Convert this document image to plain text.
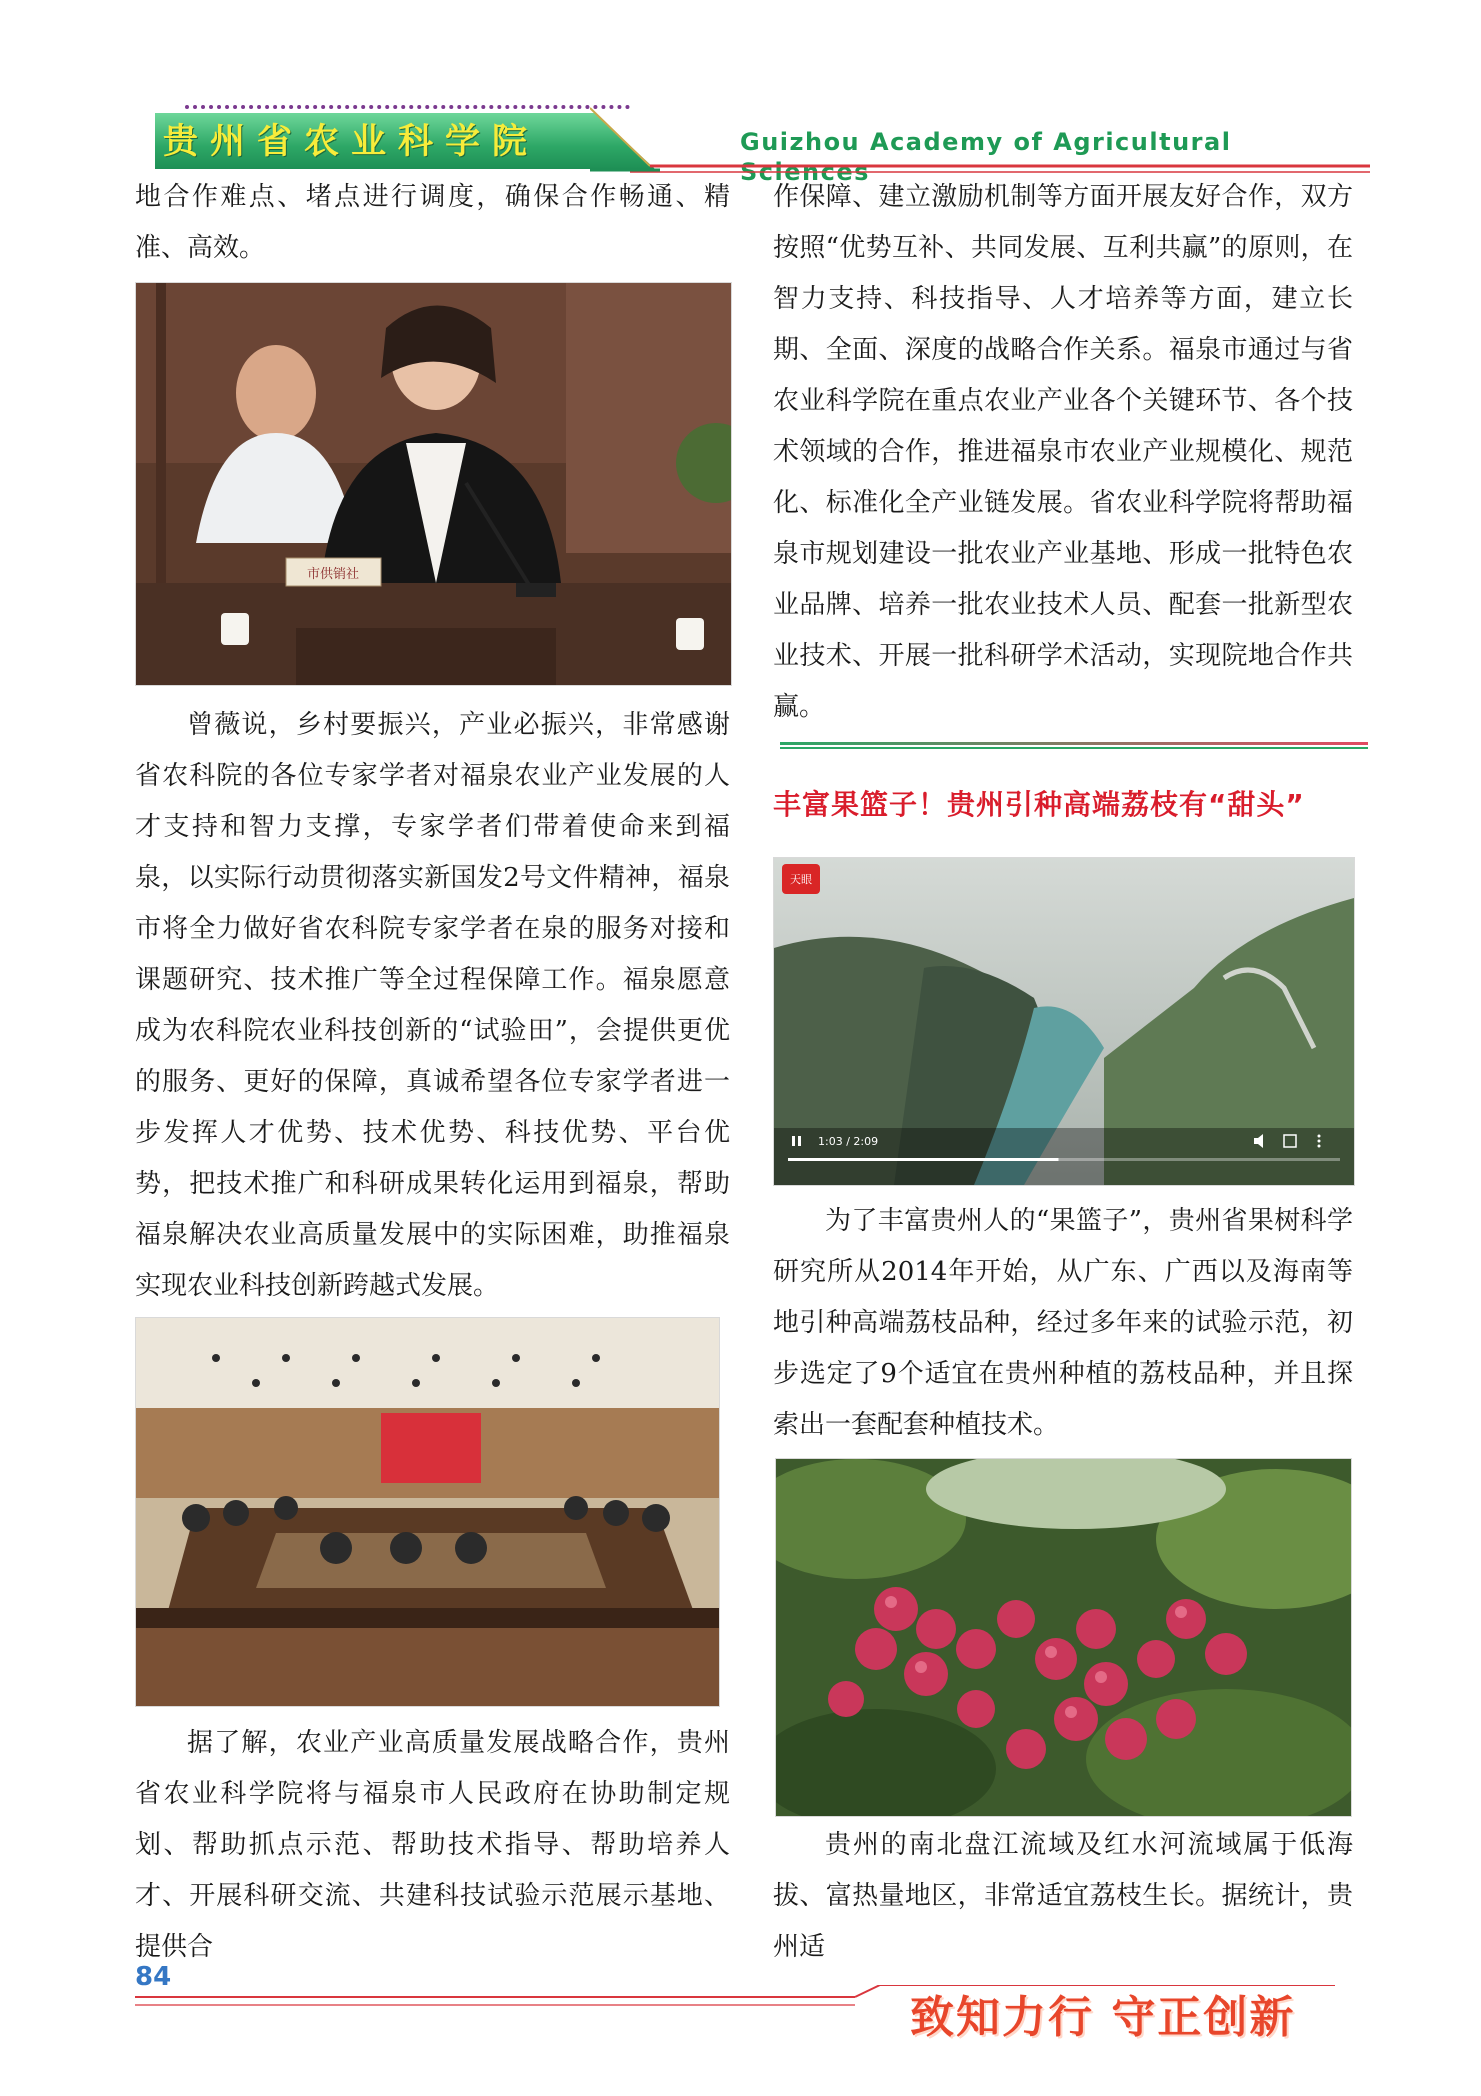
贵州省农业科学院	Guizhou Academy of Agricultural Sciences

地合作难点、堵点进行调度，确保合作畅通、精准、高效。

市供销社

曾薇说，乡村要振兴，产业必振兴，非常感谢省农科院的各位专家学者对福泉农业产业发展的人才支持和智力支撑，专家学者们带着使命来到福泉，以实际行动贯彻落实新国发2号文件精神，福泉市将全力做好省农科院专家学者在泉的服务对接和课题研究、技术推广等全过程保障工作。福泉愿意成为农科院农业科技创新的“试验田”，会提供更优的服务、更好的保障，真诚希望各位专家学者进一步发挥人才优势、技术优势、科技优势、平台优势，把技术推广和科研成果转化运用到福泉，帮助福泉解决农业高质量发展中的实际困难，助推福泉实现农业科技创新跨越式发展。

据了解，农业产业高质量发展战略合作，贵州省农业科学院将与福泉市人民政府在协助制定规划、帮助抓点示范、帮助技术指导、帮助培养人才、开展科研交流、共建科技试验示范展示基地、提供合

作保障、建立激励机制等方面开展友好合作，双方按照“优势互补、共同发展、互利共赢”的原则，在智力支持、科技指导、人才培养等方面，建立长期、全面、深度的战略合作关系。福泉市通过与省农业科学院在重点农业产业各个关键环节、各个技术领域的合作，推进福泉市农业产业规模化、规范化、标准化全产业链发展。省农业科学院将帮助福泉市规划建设一批农业产业基地、形成一批特色农业品牌、培养一批农业技术人员、配套一批新型农业技术、开展一批科研学术活动，实现院地合作共赢。

丰富果篮子！贵州引种高端荔枝有“甜头”
天眼
1:03 / 2:09

为了丰富贵州人的“果篮子”，贵州省果树科学研究所从2014年开始，从广东、广西以及海南等地引种高端荔枝品种，经过多年来的试验示范，初步选定了9个适宜在贵州种植的荔枝品种，并且探索出一套配套种植技术。

贵州的南北盘江流域及红水河流域属于低海拔、富热量地区，非常适宜荔枝生长。据统计，贵州适

84
致知力行 守正创新
